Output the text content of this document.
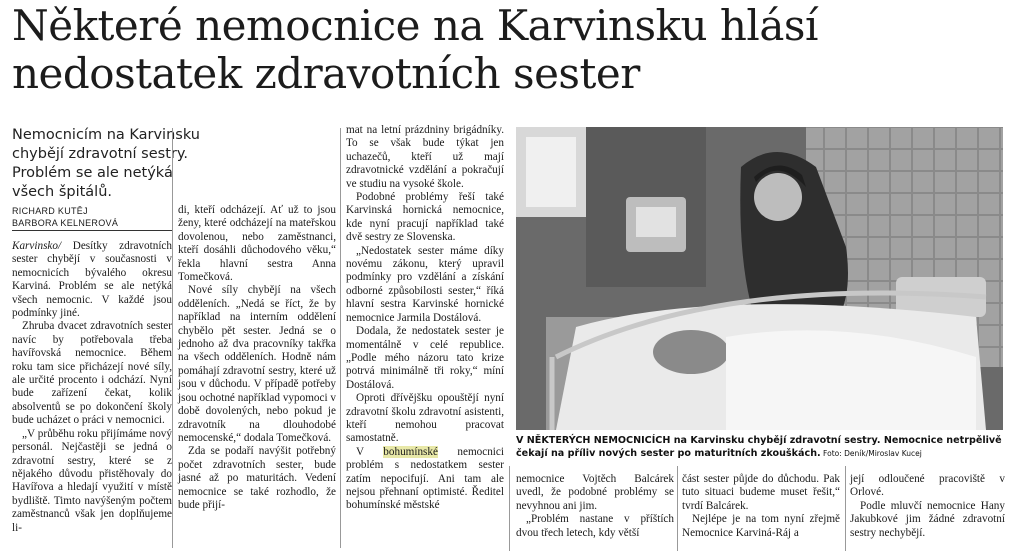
Některé nemocnice na Karvinsku hlásí nedostatek zdravotních sester

Nemocnicím na Karvinsku chybějí zdravotní sestry. Problém se ale netýká všech špitálů.

RICHARD KUTĚJ
BARBORA KELNEROVÁ

Karvinsko/ Desítky zdravotních sester chybějí v současnosti v nemocnicích bývalého okresu Karviná. Problém se ale netýká všech nemocnic. V každé jsou podmínky jiné.

Zhruba dvacet zdravotních sester navíc by potřebovala třeba havířovská nemocnice. Během roku tam sice přicházejí nové síly, ale určité procento i odchází. Nyní bude zařízení čekat, kolik absolventů se po dokončení školy bude ucházet o práci v nemocnici.

„V průběhu roku přijímáme nový personál. Nejčastěji se jedná o zdravotní sestry, které se z nějakého důvodu přistěhovaly do Havířova a hledají využití v místě bydliště. Timto navýšeným počtem zaměstnanců však jen doplňujeme li-

di, kteří odcházejí. Ať už to jsou ženy, které odcházejí na mateřskou dovolenou, nebo zaměstnanci, kteří dosáhli důchodového věku,“ řekla hlavní sestra Anna Tomečková.

Nové síly chybějí na všech odděleních. „Nedá se říct, že by například na interním oddělení chybělo pět sester. Jedná se o jednoho až dva pracovníky takřka na všech odděleních. Hodně nám pomáhají zdravotní sestry, které už jsou v důchodu. V případě potřeby jsou ochotné například vypomoci v době dovolených, nebo pokud je zdravotník na dlouhodobé nemocenské,“ dodala Tomečková.

Zda se podaří navýšit potřebný počet zdravotních sester, bude jasné až po maturitách. Vedení nemocnice se také rozhodlo, že bude přijí-

mat na letní prázdniny brigádníky. To se však bude týkat jen uchazečů, kteří už mají zdravotnické vzdělání a pokračují ve studiu na vysoké škole.

Podobné problémy řeší také Karvinská hornická nemocnice, kde nyní pracují například také dvě sestry ze Slovenska.

„Nedostatek sester máme díky novému zákonu, který upravil podmínky pro vzdělání a získání odborné způsobilosti sester,“ říká hlavní sestra Karvinské hornické nemocnice Jarmila Dostálová.

Dodala, že nedostatek sester je momentálně v celé republice. „Podle mého názoru tato krize potrvá minimálně tři roky,“ míní Dostálová.

Oproti dřívějšku opouštějí nyní zdravotní školu zdravotní asistenti, kteří nemohou pracovat samostatně.

V bohumínské nemocnici problém s nedostatkem sester zatím nepocifují. Ani tam ale nejsou přehnaní optimisté. Ředitel bohumínské městské

V NĚKTERÝCH NEMOCNICÍCH na Karvinsku chybějí zdravotní sestry. Nemocnice netrpělivě čekají na příliv nových sester po maturitních zkouškách. Foto: Deník/Miroslav Kucej

nemocnice Vojtěch Balcárek uvedl, že podobné problémy se nevyhnou ani jim.

„Problém nastane v příštích dvou třech letech, kdy větší

část sester půjde do důchodu. Pak tuto situaci budeme muset řešit,“ tvrdí Balcárek.

Nejlépe je na tom nyní zřejmě Nemocnice Karviná-Ráj a

její odloučené pracoviště v Orlové.

Podle mluvčí nemocnice Hany Jakubkové jim žádné zdravotní sestry nechybějí.
